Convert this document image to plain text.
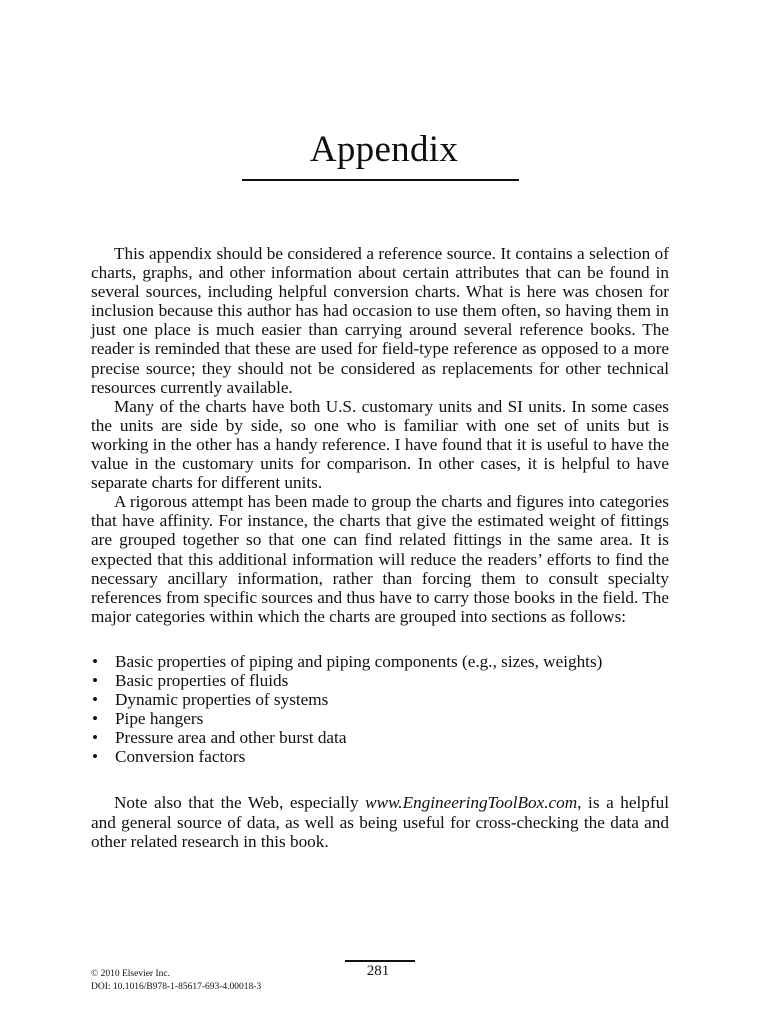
Appendix

This appendix should be considered a reference source. It contains a selection of charts, graphs, and other information about certain attributes that can be found in several sources, including helpful conversion charts. What is here was chosen for inclusion because this author has had occasion to use them often, so having them in just one place is much easier than carrying around several reference books. The reader is reminded that these are used for field-type reference as opposed to a more precise source; they should not be considered as replacements for other technical resources currently available.

Many of the charts have both U.S. customary units and SI units. In some cases the units are side by side, so one who is familiar with one set of units but is working in the other has a handy reference. I have found that it is useful to have the value in the customary units for comparison. In other cases, it is helpful to have separate charts for different units.

A rigorous attempt has been made to group the charts and figures into categories that have affinity. For instance, the charts that give the estimated weight of fittings are grouped together so that one can find related fittings in the same area. It is expected that this additional information will reduce the readers’ efforts to find the necessary ancillary information, rather than forcing them to consult specialty references from specific sources and thus have to carry those books in the field. The major categories within which the charts are grouped into sections as follows:

• Basic properties of piping and piping components (e.g., sizes, weights)
• Basic properties of fluids
• Dynamic properties of systems
• Pipe hangers
• Pressure area and other burst data
• Conversion factors

Note also that the Web, especially www.EngineeringToolBox.com, is a helpful and general source of data, as well as being useful for cross-checking the data and other related research in this book.

281
© 2010 Elsevier Inc.
DOI: 10.1016/B978-1-85617-693-4.00018-3
